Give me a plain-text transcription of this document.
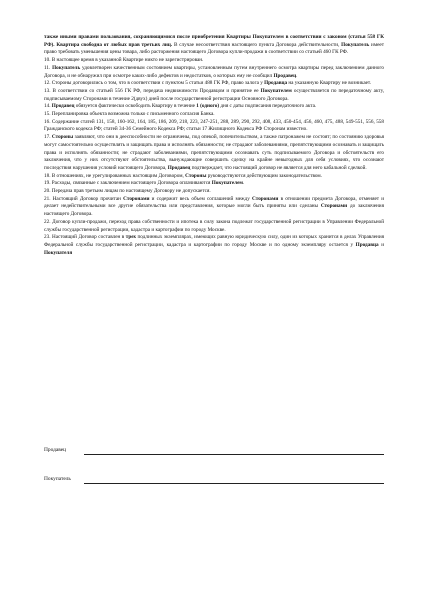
также иными правами пользования, сохраняющимися после приобретения Квартиры Покупателем в соответствии с законом (статья 558 ГК РФ). Квартира свободна от любых прав третьих лиц. В случае несоответствия настоящего пункта Договора действительности, Покупатель имеет право требовать уменьшения цены товара, либо расторжения настоящего Договора купли-продажи в соответствии со статьей 460 ГК РФ.

10. В настоящее время в указанной Квартире никто не зарегистрирован.

11. Покупатель удовлетворен качественным состоянием квартиры, установленным путем внутреннего осмотра квартиры перед заключением данного Договора, и не обнаружил при осмотре каких-либо дефектов и недостатков, о которых ему не сообщил Продавец.

12. Стороны договорились о том, что в соответствии с пунктом 5 статьи 488 ГК РФ, право залога у Продавца на указанную Квартиру не возникает.

13. В соответствии со статьей 556 ГК РФ, передача недвижимости Продавцом и принятие ее Покупателем осуществляется по передаточному акту, подписываемому Сторонами в течение 2(двух) дней после государственной регистрации Основного Договора.

14. Продавец обязуется фактически освободить Квартиру в течение 1 (одного) дня с даты подписания передаточного акта.

15. Перепланировка объекта возможна только с письменного согласия Банка.

16. Содержание статей 131, 158, 160-162, 164, 185, 186, 209, 218, 223, 247-251, 288, 289, 290, 292, 408, 433, 450-454, 456, 460, 475, 488, 549-551, 556, 558 Гражданского кодекса РФ; статей 34-36 Семейного Кодекса РФ; статьи 17 Жилищного Кодекса РФ Сторонам известно.

17. Стороны заявляют, что они в дееспособности не ограничены, под опекой, попечительством, а также патронажем не состоят; по состоянию здоровья могут самостоятельно осуществлять и защищать права и исполнять обязанности; не страдают заболеваниями, препятствующими осознавать и защищать права и исполнять обязанности; не страдают заболеваниями, препятствующими осознавать суть подписываемого Договора и обстоятельств его заключения, что у них отсутствуют обстоятельства, вынуждающие совершить сделку на крайне невыгодных для себя условиях, что осознают последствия нарушения условий настоящего Договора, Продавец подтверждает, что настоящий договор не является для него кабальной сделкой.

18. В отношениях, не урегулированных настоящим Договором, Стороны руководствуются действующим законодательством.

19. Расходы, связанные с заключением настоящего Договора оплачиваются Покупателем.

20. Передача прав третьим лицам по настоящему Договору не допускается.

21. Настоящий Договор прочитан Сторонами и содержит весь объем соглашений между Сторонами в отношении предмета Договора, отменяет и делает недействительными все другие обязательства или представления, которые могли быть приняты или сделаны Сторонами до заключения настоящего Договора.

22. Договор купли-продажи, переход права собственности и ипотека в силу закона подлежат государственной регистрации в Управлении Федеральной службы государственной регистрации, кадастра и картографии по городу Москве.

23. Настоящий Договор составлен в трех подлинных экземплярах, имеющих равную юридическую силу, один из которых хранится в делах Управления Федеральной службы государственной регистрации, кадастра и картографии по городу Москве и по одному экземпляру остается у Продавца и Покупателя

Продавец
Покупатель
